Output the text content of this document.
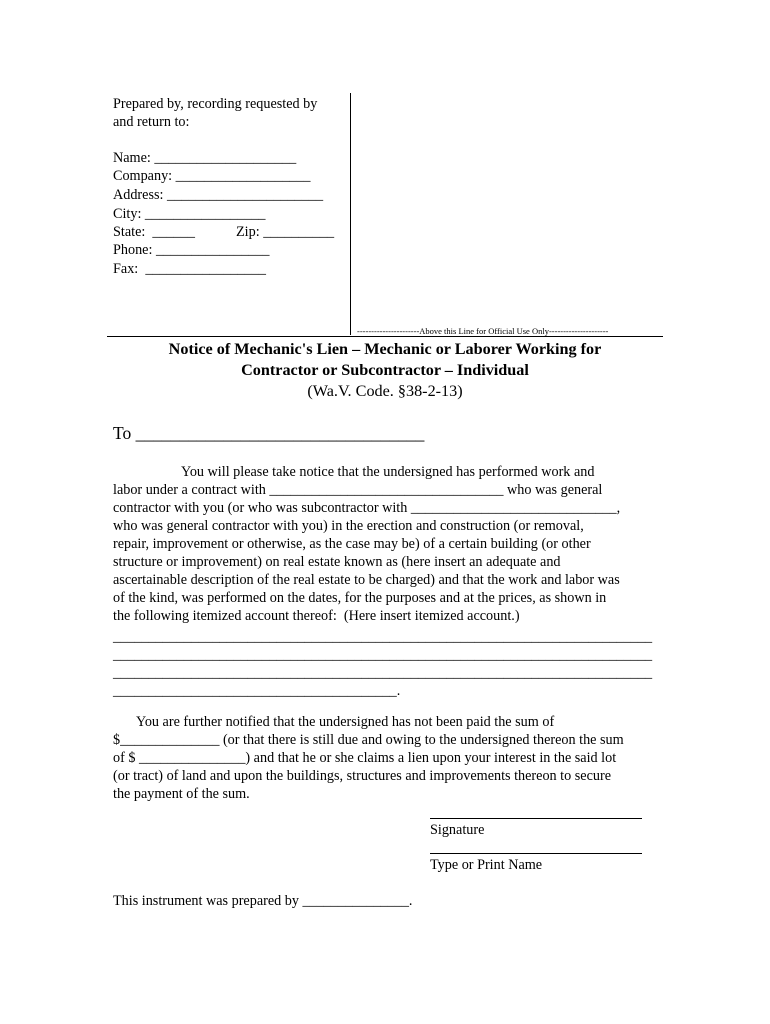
Prepared by, recording requested by
and return to:
Name: ____________________
Company: ___________________
Address: ______________________
City: _________________
State:  ______	Zip: __________
Phone: ________________
Fax:  _________________
----------------------Above this Line for Official Use Only---------------------
Notice of Mechanic's Lien – Mechanic or Laborer Working for
Contractor or Subcontractor – Individual
(Wa.V. Code. §38-2-13)
To _________________________________
You will please take notice that the undersigned has performed work and
labor under a contract with _________________________________ who was general
contractor with you (or who was subcontractor with _____________________________,
who was general contractor with you) in the erection and construction (or removal,
repair, improvement or otherwise, as the case may be) of a certain building (or other
structure or improvement) on real estate known as (here insert an adequate and
ascertainable description of the real estate to be charged) and that the work and labor was
of the kind, was performed on the dates, for the purposes and at the prices, as shown in
the following itemized account thereof:  (Here insert itemized account.)
____________________________________________________________________________
____________________________________________________________________________
____________________________________________________________________________
________________________________________.
You are further notified that the undersigned has not been paid the sum of
$______________ (or that there is still due and owing to the undersigned thereon the sum
of $ _______________) and that he or she claims a lien upon your interest in the said lot
(or tract) of land and upon the buildings, structures and improvements thereon to secure
the payment of the sum.
Signature
Type or Print Name
This instrument was prepared by _______________.
